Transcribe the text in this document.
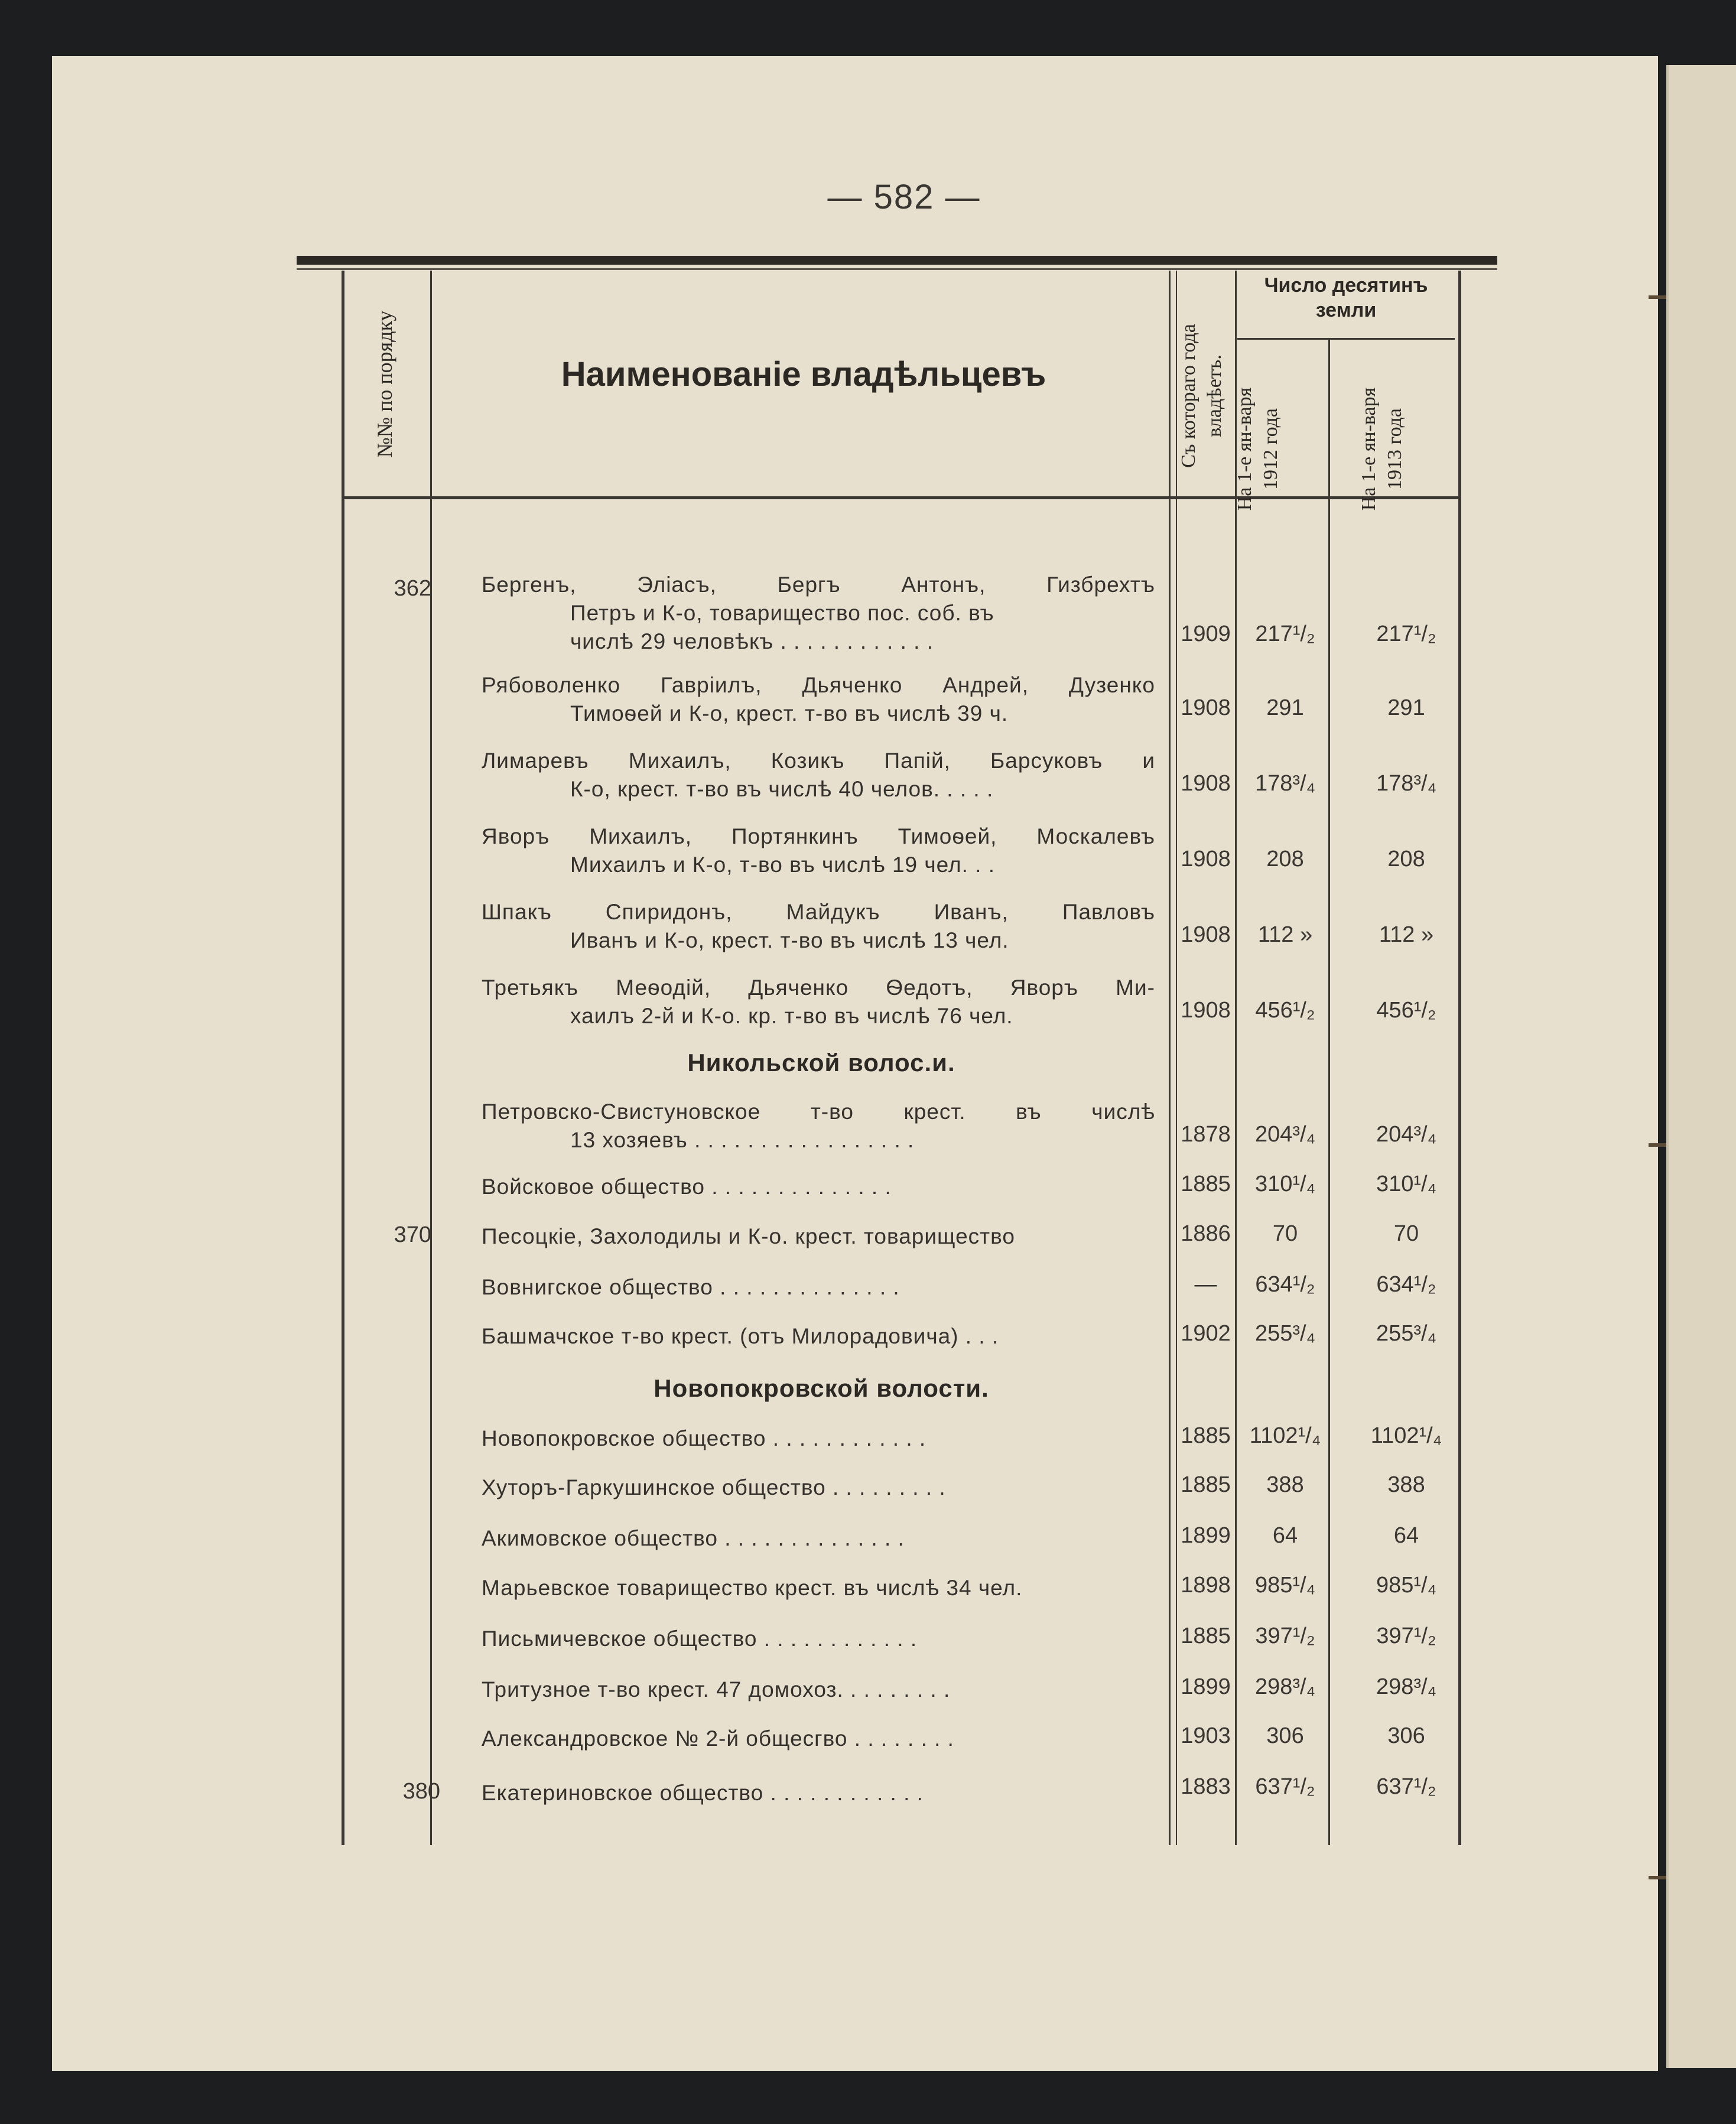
— 582 —
№№ по порядку	Наименованіе владѣльцевъ	Съ котораго года владѣетъ.
Число десятинъ земли
На 1-е ян-варя 1912 года	На 1-е ян-варя 1913 года
362 Бергенъ, Эліасъ, Бергъ Антонъ, Гизбрехтъ
Петръ и К-о, товарищество пос. соб. въ
числѣ 29 человѣкъ . . . . . . . . . . . .	1909	217¹/₂	217¹/₂
Рябоволенко Гавріилъ, Дьяченко Андрей, Дузенко
Тимоѳей и К-о, крест. т-во въ числѣ 39 ч.	1908	291	291
Лимаревъ Михаилъ, Козикъ Папій, Барсуковъ и
К-о, крест. т-во въ числѣ 40 челов. . . . .	1908	178³/₄	178³/₄
Яворъ Михаилъ, Портянкинъ Тимоѳей, Москалевъ
Михаилъ и К-о, т-во въ числѣ 19 чел. . .	1908	208	208
Шпакъ Спиридонъ, Майдукъ Иванъ, Павловъ
Иванъ и К-о, крест. т-во въ числѣ 13 чел.	1908	112 »	112 »
Третьякъ Меѳодій, Дьяченко Ѳедотъ, Яворъ Ми-
хаилъ 2-й и К-о. кр. т-во въ числѣ 76 чел.	1908	456¹/₂	456¹/₂
Никольской волос.и.
Петровско-Свистуновское т-во крест. въ числѣ
13 хозяевъ . . . . . . . . . . . . . . . . .	1878	204³/₄	204³/₄
Войсковое общество . . . . . . . . . . . . . .	1885	310¹/₄	310¹/₄
370 Песоцкіе, Захолодилы и К-о. крест. товарищество	1886	70	70
Вовнигское общество . . . . . . . . . . . . . .	—	634¹/₂	634¹/₂
Башмачское т-во крест. (отъ Милорадовича) . . .	1902	255³/₄	255³/₄
Новопокровской волости.
Новопокровское общество . . . . . . . . . . . .	1885 1102¹/₄	1102¹/₄
Хуторъ-Гаркушинское общество . . . . . . . . .	1885	388	388
Акимовское общество . . . . . . . . . . . . . .	1899	64	64
Марьевское товарищество крест. въ числѣ 34 чел.	1898	985¹/₄	985¹/₄
Письмичевское общество . . . . . . . . . . . .	1885	397¹/₂	397¹/₂
Тритузное т-во крест. 47 домохоз. . . . . . . . .	1899	298³/₄	298³/₄
Александровское № 2-й общесгво . . . . . . . .	1903	306	306
380 Екатериновское общество . . . . . . . . . . . .	1883	637¹/₂	637¹/₂
